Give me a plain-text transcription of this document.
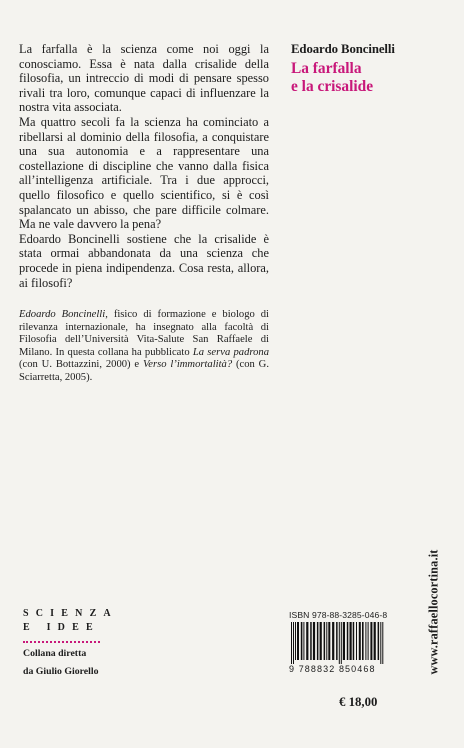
La farfalla è la scienza come noi oggi la conosciamo. Essa è nata dalla crisalide della filosofia, un intreccio di modi di pensare spesso rivali tra loro, comunque capaci di influenzare la nostra vita associata.

Ma quattro secoli fa la scienza ha cominciato a ribellarsi al dominio della filosofia, a conquistare una sua autonomia e a rappresentare una costellazione di discipline che vanno dalla fisica all’intelligenza artificiale. Tra i due approcci, quello filosofico e quello scientifico, si è così spalancato un abisso, che pare difficile colmare. Ma ne vale davvero la pena?

Edoardo Boncinelli sostiene che la crisalide è stata ormai abbandonata da una scienza che procede in piena indipendenza. Cosa resta, allora, ai filosofi?

Edoardo Boncinelli, fisico di formazione e biologo di rilevanza internazionale, ha insegnato alla facoltà di Filosofia dell’Università Vita-Salute San Raffaele di Milano. In questa collana ha pubblicato La serva padrona (con U. Bottazzini, 2000) e Verso l’immortalità? (con G. Sciarretta, 2005).
Edoardo Boncinelli
La farfalla
e la crisalide
www.raffaellocortina.it
SCIENZA
E IDEE
Collana diretta
da Giulio Giorello
ISBN 978-88-3285-046-8
9 788832 850468
€ 18,00
